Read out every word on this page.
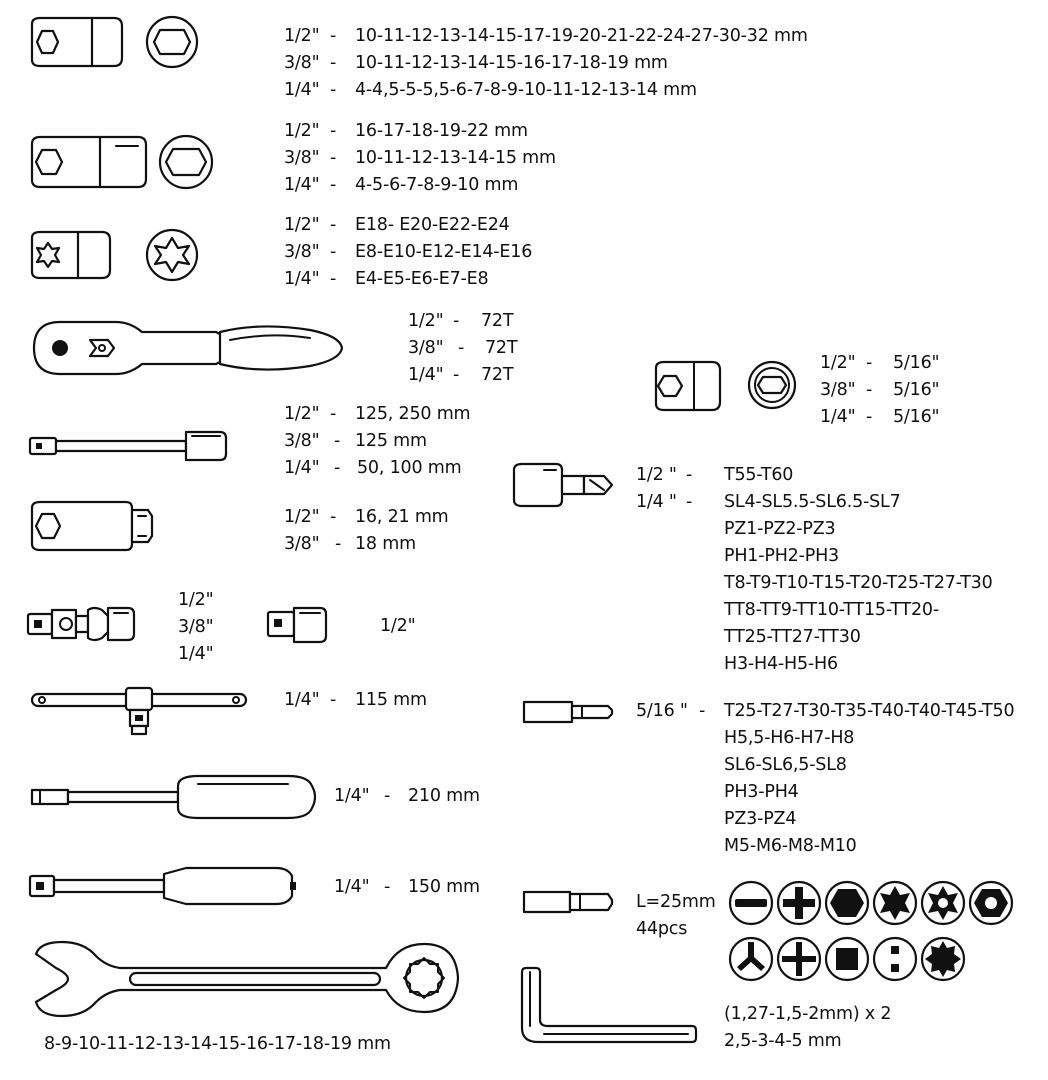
1/2" - 10-11-12-13-14-15-17-19-20-21-22-24-27-30-32 mm
3/8" - 10-11-12-13-14-15-16-17-18-19 mm
1/4" - 4-4,5-5-5,5-6-7-8-9-10-11-12-13-14 mm
1/2" - 16-17-18-19-22 mm
3/8" - 10-11-12-13-14-15 mm
1/4" - 4-5-6-7-8-9-10 mm
1/2" - E18- E20-E22-E24
3/8" - E8-E10-E12-E14-E16
1/4" - E4-E5-E6-E7-E8
1/2" - 72T
3/8" - 72T
1/4" - 72T
1/2" - 125, 250 mm
3/8" - 125 mm
1/4" - 50, 100 mm
1/2" - 16, 21 mm
3/8" - 18 mm
1/2"
3/8"
1/4"
1/2"
1/4" - 115 mm
1/4" - 210 mm
1/4" - 150 mm
8-9-10-11-12-13-14-15-16-17-18-19 mm
1/2" - 5/16"
3/8" - 5/16"
1/4" - 5/16"
1/2 " - T55-T60
1/4 " - SL4-SL5.5-SL6.5-SL7
PZ1-PZ2-PZ3
PH1-PH2-PH3
T8-T9-T10-T15-T20-T25-T27-T30
TT8-TT9-TT10-TT15-TT20-
TT25-TT27-TT30
H3-H4-H5-H6
5/16 " - T25-T27-T30-T35-T40-T40-T45-T50
H5,5-H6-H7-H8
SL6-SL6,5-SL8
PH3-PH4
PZ3-PZ4
M5-M6-M8-M10
L=25mm
44pcs
(1,27-1,5-2mm) x 2
2,5-3-4-5 mm
